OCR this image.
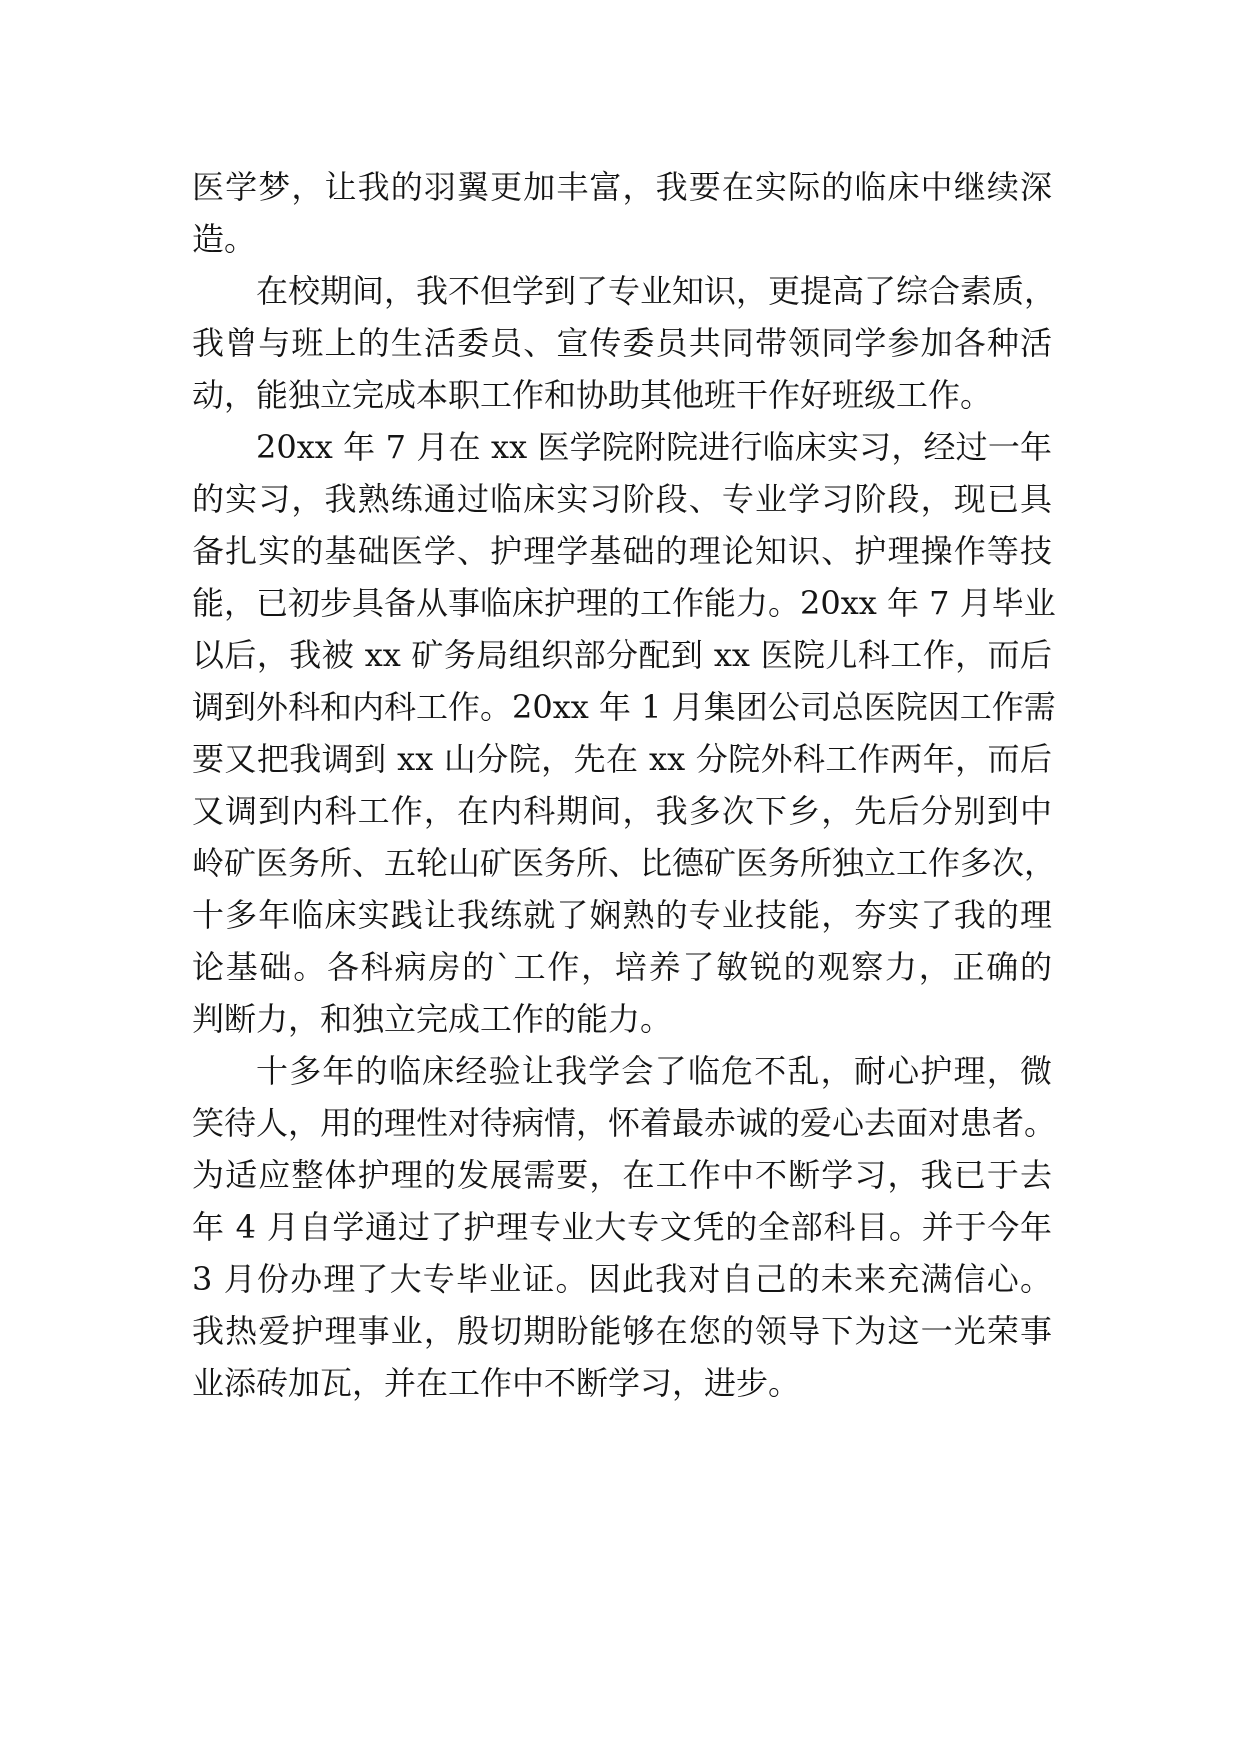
医学梦，让我的羽翼更加丰富，我要在实际的临床中继续深
造。
在校期间，我不但学到了专业知识，更提高了综合素质，
我曾与班上的生活委员、宣传委员共同带领同学参加各种活
动，能独立完成本职工作和协助其他班干作好班级工作。
20xx 年 7 月在 xx 医学院附院进行临床实习，经过一年
的实习，我熟练通过临床实习阶段、专业学习阶段，现已具
备扎实的基础医学、护理学基础的理论知识、护理操作等技
能，已初步具备从事临床护理的工作能力。20xx 年 7 月毕业
以后，我被 xx 矿务局组织部分配到 xx 医院儿科工作，而后
调到外科和内科工作。20xx 年 1 月集团公司总医院因工作需
要又把我调到 xx 山分院，先在 xx 分院外科工作两年，而后
又调到内科工作，在内科期间，我多次下乡，先后分别到中
岭矿医务所、五轮山矿医务所、比德矿医务所独立工作多次，
十多年临床实践让我练就了娴熟的专业技能，夯实了我的理
论基础。各科病房的`工作，培养了敏锐的观察力，正确的
判断力，和独立完成工作的能力。
十多年的临床经验让我学会了临危不乱，耐心护理，微
笑待人，用的理性对待病情，怀着最赤诚的爱心去面对患者。
为适应整体护理的发展需要，在工作中不断学习，我已于去
年 4 月自学通过了护理专业大专文凭的全部科目。并于今年
3 月份办理了大专毕业证。因此我对自己的未来充满信心。
我热爱护理事业，殷切期盼能够在您的领导下为这一光荣事
业添砖加瓦，并在工作中不断学习，进步。
